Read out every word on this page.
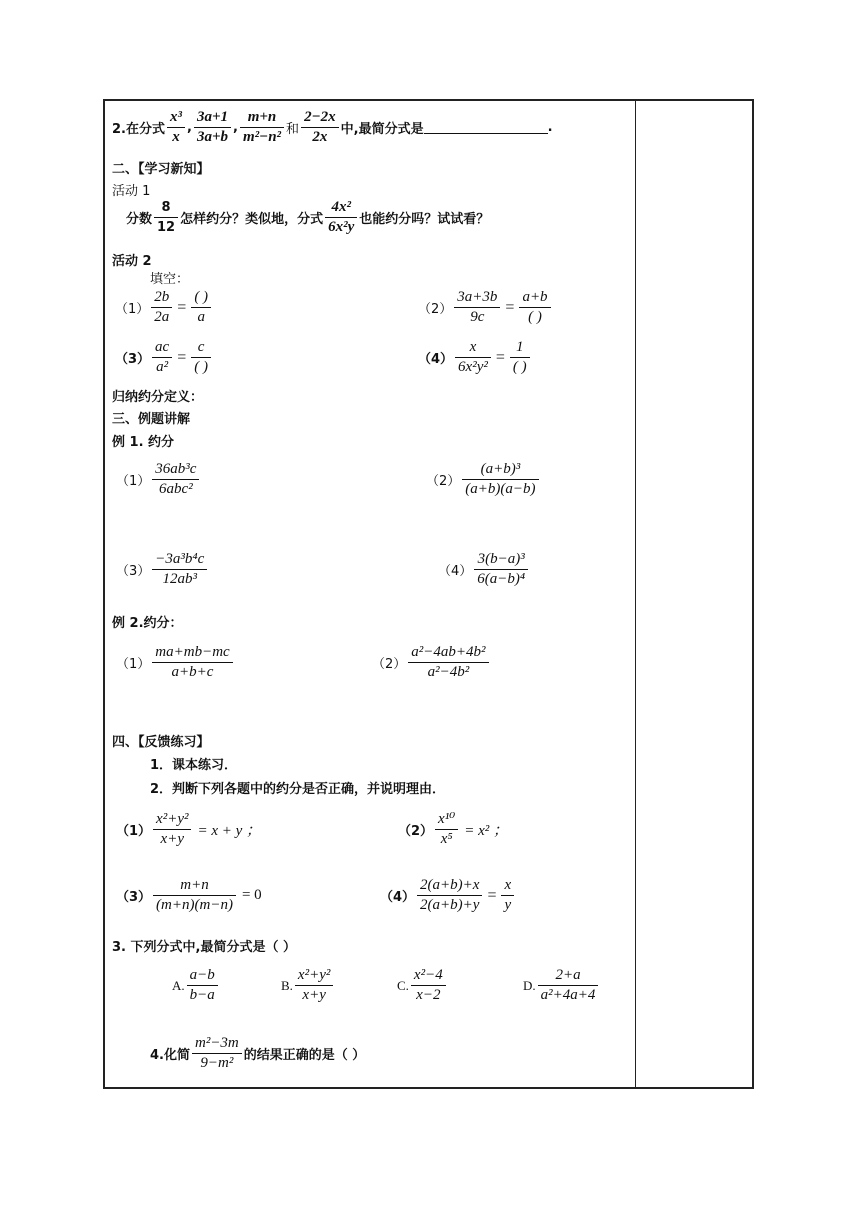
2.在分式 $\frac{\text{x³}}{x}$ , $\frac{3a+1}{3a+b}$ , $\frac{m+n}{\text{m²−n²}}$ 和 $\frac{2-2x}{2x}$ 中,最简分式是	.
二、【学习新知】
活动 1
分数 $\frac{8}{12}$ 怎样约分？类似地，分式 $\frac{\text{4x²}}{\text{6x²y}}$ 也能约分吗？试试看？
活动 2
填空：
$(1) \frac{2b}{2a} = \frac{( )}{a}$	$(2) \frac{3a+3b}{9c} = \frac{a+b}{( )}$
$(3) \frac{ac}{\text{a²}} = \frac{c}{( )}$	$(4) \frac{x}{\text{6x²y²}} = \frac{1}{( )}$
归纳约分定义：
三、例题讲解
例 1. 约分
$(1) \frac{\text{36ab³c}}{\text{6abc²}}$	$(2) \frac{\text{(a+b)³}}{(a+b)(a-b)}$
$(3) \frac{\text{−3a³b⁴c}}{\text{12ab³}}$	$(4) \frac{\text{3(b−a)³}}{\text{6(a−b)⁴}}$
例 2.约分：
$(1) \frac{ma+mb-mc}{a+b+c}$	$(2) \frac{\text{a²−4ab+4b²}}{\text{a²−4b²}}$
四、【反馈练习】
1．课本练习．
2．判断下列各题中的约分是否正确，并说明理由．
$(1) \frac{\text{x²+y²}}{x+y} = x + y$ ；	$(2) \frac{\text{x¹⁰}}{\text{x⁵}} = x^2$ ；
$(3) \frac{m+n}{(m+n)(m-n)} = 0$	$(4) \frac{2(a+b)+x}{2(a+b)+y} = \frac{x}{y}$
3. 下列分式中,最简分式是（ ）
A. $\frac{a-b}{b-a}$	B. $\frac{\text{x²+y²}}{x+y}$	C. $\frac{\text{x²−4}}{x-2}$	D. $\frac{2+a}{\text{a²+4a+4}}$
4.化简 $\frac{\text{m²−3m}}{\text{9−m²}}$ 的结果正确的是（ ）
